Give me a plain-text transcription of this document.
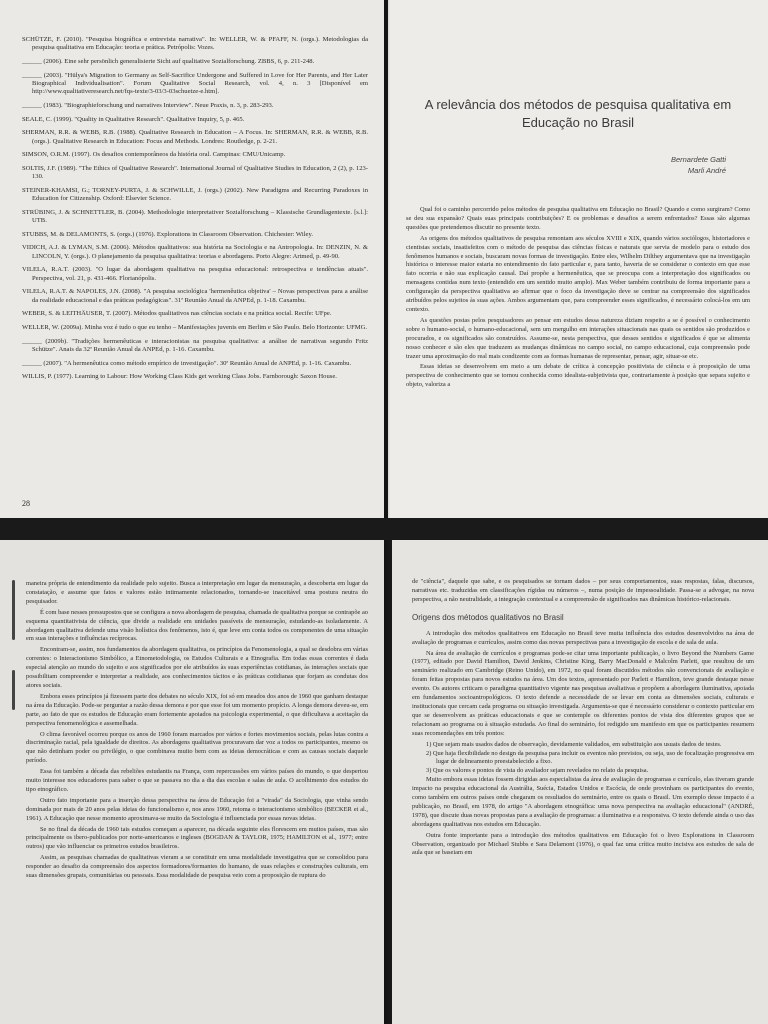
SCHÜTZE, F. (2010). "Pesquisa biográfica e entrevista narrativa". In: WELLER, W. & PFAFF, N. (orgs.). Metodologias da pesquisa qualitativa em Educação: teoria e prática. Petrópolis: Vozes.
______ (2006). Eine sehr persönlich generalisierte Sicht auf qualitative Sozialforschung. ZBBS, 6, p. 211-248.
______ (2003). "Hülya's Migration to Germany as Self-Sacrifice Undergone and Suffered in Love for Her Parents, and Her Later Biographical Individualisation". Forum Qualitative Social Research, vol. 4, n. 3 [Disponível em http://www.qualitativeresearch.net/fqs-texte/3-03/3-03schuetze-e.htm].
______ (1983). "Biographieforschung und narratives Interview". Neue Praxis, n. 3, p. 283-293.
SEALE, C. (1999). "Quality in Qualitative Research". Qualitative Inquiry, 5, p. 465.
SHERMAN, R.R. & WEBB, R.B. (1988). Qualitative Research in Education – A Focus. In: SHERMAN, R.R. & WEBB, R.B. (orgs.). Qualitative Research in Education: Focus and Methods. Londres: Routledge, p. 2-21.
SIMSON, O.R.M. (1997). Os desafios contemporâneos da história oral. Campinas: CMU/Unicamp.
SOLTIS, J.F. (1989). "The Ethics of Qualitative Research". International Journal of Qualitative Studies in Education, 2 (2), p. 123-130.
STEINER-KHAMSI, G.; TORNEY-PURTA, J. & SCHWILLE, J. (orgs.) (2002). New Paradigms and Recurring Paradoxes in Education for Citizenship. Oxford: Elsevier Science.
STRÜBING, J. & SCHNETTLER, B. (2004). Methodologie interpretativer Sozialforschung – Klassische Grundlagentexte. [s.l.]: UTB.
STUBBS, M. & DELAMONTS, S. (orgs.) (1976). Explorations in Classroom Observation. Chichester: Wiley.
VIDICH, A.J. & LYMAN, S.M. (2006). Métodos qualitativos: sua história na Sociologia e na Antropologia. In: DENZIN, N. & LINCOLN, Y. (orgs.). O planejamento da pesquisa qualitativa: teorias e abordagens. Porto Alegre: Artmed, p. 49-90.
VILELA, R.A.T. (2003). "O lugar da abordagem qualitativa na pesquisa educacional: retrospectiva e tendências atuais". Perspectiva, vol. 21, p. 431-466. Florianópolis.
VILELA, R.A.T. & NAPOLES, J.N. (2008). "A pesquisa sociológica 'hermenêutica objetiva' – Novas perspectivas para a análise da realidade educacional e das práticas pedagógicas". 31ª Reunião Anual da ANPEd, p. 1-18. Caxambu.
WEBER, S. & LEITHÄUSER, T. (2007). Métodos qualitativos nas ciências sociais e na prática social. Recife: UFpe.
WELLER, W. (2009a). Minha voz é tudo o que eu tenho – Manifestações juvenis em Berlim e São Paulo. Belo Horizonte: UFMG.
______ (2009b). "Tradições hermenêuticas e interacionistas na pesquisa qualitativa: a análise de narrativas segundo Fritz Schütze". Anais da 32ª Reunião Anual da ANPEd, p. 1-16. Caxambu.
______ (2007). "A hermenêutica como método empírico de investigação". 30ª Reunião Anual de ANPEd, p. 1-16. Caxambu.
WILLIS, P. (1977). Learning to Labour: How Working Class Kids get working Class Jobs. Farnborough: Saxon House.
28
A relevância dos métodos de pesquisa qualitativa em Educação no Brasil
Bernardete Gatti
Marli André

Qual foi o caminho percorrido pelos métodos de pesquisa qualitativa em Educação no Brasil? Quando e como surgiram? Como se deu sua expansão? Quais suas principais contribuições? E os problemas e desafios a serem enfrentados? Essas são algumas questões que pretendemos discutir no presente texto.

As origens dos métodos qualitativos de pesquisa remontam aos séculos XVIII e XIX, quando vários sociólogos, historiadores e cientistas sociais, insatisfeitos com o método de pesquisa das ciências físicas e naturais que servia de modelo para o estudo dos fenômenos humanos e sociais, buscaram novas formas de investigação. Entre eles, Wilhelm Dilthey argumentava que na investigação histórica o interesse maior estaria no entendimento do fato particular e, para tanto, haveria de se considerar o contexto em que esse fato ocorria e não sua explicação causal. Daí propõe a hermenêutica, que se preocupa com a interpretação dos significados ou mensagens contidas num texto (entendido em um sentido muito amplo). Max Weber também contribuiu de forma importante para a configuração da perspectiva qualitativa ao afirmar que o foco da investigação deve se centrar na compreensão dos significados atribuídos pelos sujeitos às suas ações. Ambos argumentam que, para compreender esses significados, é necessário colocá-los em um contexto.

As questões postas pelos pesquisadores ao pensar em estudos dessa natureza diziam respeito a se é possível o conhecimento sobre o humano-social, o humano-educacional, sem um mergulho em interações situacionais nas quais os sentidos são produzidos e procurados, e os significados são construídos. Assume-se, nesta perspectiva, que desses sentidos e significados é que se alimenta nosso conhecer e são eles que traduzem as mudanças dinâmicas no campo social, no campo educacional, cuja compreensão pode trazer uma aproximação do real mais condizente com as formas humanas de representar, pensar, agir, situar-se etc.

Essas ideias se desenvolvem em meio a um debate de crítica à concepção positivista de ciência e à proposição de uma perspectiva de conhecimento que se tornou conhecida como idealista-subjetivista que, contrariamente à posição que separa sujeito e objeto, valoriza a

maneira própria de entendimento da realidade pelo sujeito. Busca a interpretação em lugar da mensuração, a descoberta em lugar da constatação, e assume que fatos e valores estão intimamente relacionados, tornando-se inaceitável uma postura neutra do pesquisador.

É com base nesses pressupostos que se configura a nova abordagem de pesquisa, chamada de qualitativa porque se contrapõe ao esquema quantitativista de ciência, que divide a realidade em unidades passíveis de mensuração, estudando-as isoladamente. A abordagem qualitativa defende uma visão holística dos fenômenos, isto é, que leve em conta todos os componentes de uma situação em suas interações e influências recíprocas.

Encontram-se, assim, nos fundamentos da abordagem qualitativa, os princípios da Fenomenologia, a qual se desdobra em várias correntes: o Interacionismo Simbólico, a Etnometodologia, os Estudos Culturais e a Etnografia. Em todas essas correntes é dada especial atenção ao mundo do sujeito e aos significados por ele atribuídos às suas experiências cotidianas, às interações sociais que possibilitam compreender e interpretar a realidade, aos conhecimentos tácitos e às práticas cotidianas que forjam as condutas dos atores sociais.

Embora esses princípios já fizessem parte dos debates no século XIX, foi só em meados dos anos de 1960 que ganham destaque na área da Educação. Pode-se perguntar a razão dessa demora e por que esse foi um momento propício. A longa demora deveu-se, em parte, ao fato de que os estudos de Educação eram fortemente apoiados na psicologia experimental, o que dificultava a aceitação da perspectiva fenomenológica e assemelhada.

O clima favorável ocorreu porque os anos de 1960 foram marcados por vários e fortes movimentos sociais, pelas lutas contra a discriminação racial, pela igualdade de direitos. As abordagens qualitativas procuravam dar voz a todos os participantes, mesmo os que não detinham poder ou privilégio, o que combinava muito bem com as ideias democráticas e com as causas sociais daquele período.

Essa foi também a década das rebeliões estudantis na França, com repercussões em vários países do mundo, o que despertou muito interesse nos educadores para saber o que se passava no dia a dia das escolas e salas de aula. O acolhimento dos estudos do tipo etnográfico.

Outro fato importante para a inserção dessa perspectiva na área de Educação foi a "virada" da Sociologia, que vinha sendo dominada por mais de 20 anos pelas ideias do funcionalismo e, nos anos 1960, retoma o interacionismo simbólico (BECKER et al., 1961). A Educação que nesse momento aproximava-se muito da Sociologia é influenciada por essas novas ideias.

Se no final da década de 1960 tais estudos começam a aparecer, na década seguinte eles florescem em muitos países, mas são principalmente os ibero-publicados por norte-americanos e ingleses (BOGDAN & TAYLOR, 1975; HAMILTON et al., 1977; entre outros) que vão influenciar os primeiros estudos brasileiros.

Assim, as pesquisas chamadas de qualitativas vieram a se constituir em uma modalidade investigativa que se consolidou para responder ao desafio da compreensão dos aspectos formadores/formantes do humano, de suas relações e construções culturais, em suas dimensões grupais, comunitárias ou pessoais. Essa modalidade de pesquisa veio com a proposição de ruptura do

de "ciência", daquele que sabe, e os pesquisados se tornam dados – por seus comportamentos, suas respostas, falas, discursos, narrativas etc. traduzidas em classificações rígidas ou números –, numa posição de impessoalidade. Passa-se a advogar, na nova perspectiva, a não neutralidade, a integração contextual e a compreensão de significados nas dinâmicas histórico-relacionais.

Origens dos métodos qualitativos no Brasil

A introdução dos métodos qualitativos em Educação no Brasil teve muita influência dos estudos desenvolvidos na área de avaliação de programas e currículos, assim como das novas perspectivas para a investigação de escola e de sala de aula.

Na área de avaliação de currículos e programas pode-se citar uma importante publicação, o livro Beyond the Numbers Game (1977), editado por David Hamilton, David Jenkins, Christine King, Barry MacDonald e Malcolm Parlett, que resultou de um seminário realizado em Cambridge (Reino Unido), em 1972, no qual foram discutidos métodos não convencionais de avaliação e foram feitas propostas para novos estudos na área. Um dos textos, apresentado por Parlett e Hamilton, teve grande destaque nesse evento. Os autores criticam o paradigma quantitativo vigente nas pesquisas avaliativas e propõem a abordagem iluminativa, apoiada em fundamentos socioantropológicos. O texto defende a necessidade de se levar em conta as dimensões sociais, culturais e institucionais que cercam cada programa ou situação investigada. Argumenta-se que é necessário considerar o contexto particular em que se desenvolvem as práticas educacionais e que se contemple os diferentes pontos de vista dos diferentes grupos que se relacionam ao programa ou à situação estudada. Ao final do seminário, foi redigido um manifesto em que os participantes resumem suas recomendações em três pontos:

1) Que sejam mais usados dados de observação, devidamente validados, em substituição aos usuais dados de testes.
2) Que haja flexibilidade no design da pesquisa para incluir os eventos não previstos, ou seja, uso de focalização progressiva em lugar de delineamento preestabelecido a fixo.
3) Que os valores e pontos de vista do avaliador sejam revelados no relato da pesquisa.

Muito embora essas ideias fossem dirigidas aos especialistas da área de avaliação de programas e currículo, elas tiveram grande impacto na pesquisa educacional da Austrália, Suécia, Estados Unidos e Escócia, de onde provinham os participantes do evento, como também em outros países onde chegaram os resultados do seminário, entre os quais o Brasil. Um exemplo desse impacto é a publicação, no Brasil, em 1978, do artigo "A abordagem etnográfica: uma nova perspectiva na avaliação educacional" (ANDRÉ, 1978), que discute duas novas propostas para a avaliação de programas: a iluminativa e a responsiva. O texto defende ainda o uso das abordagens qualitativas nos estudos em Educação.

Outra fonte importante para a introdução dos métodos qualitativos em Educação foi o livro Explorations in Classroom Observation, organizado por Michael Stubbs e Sara Delamont (1976), o qual faz uma crítica muito incisiva aos estudos de sala de aula que se baseiam em
